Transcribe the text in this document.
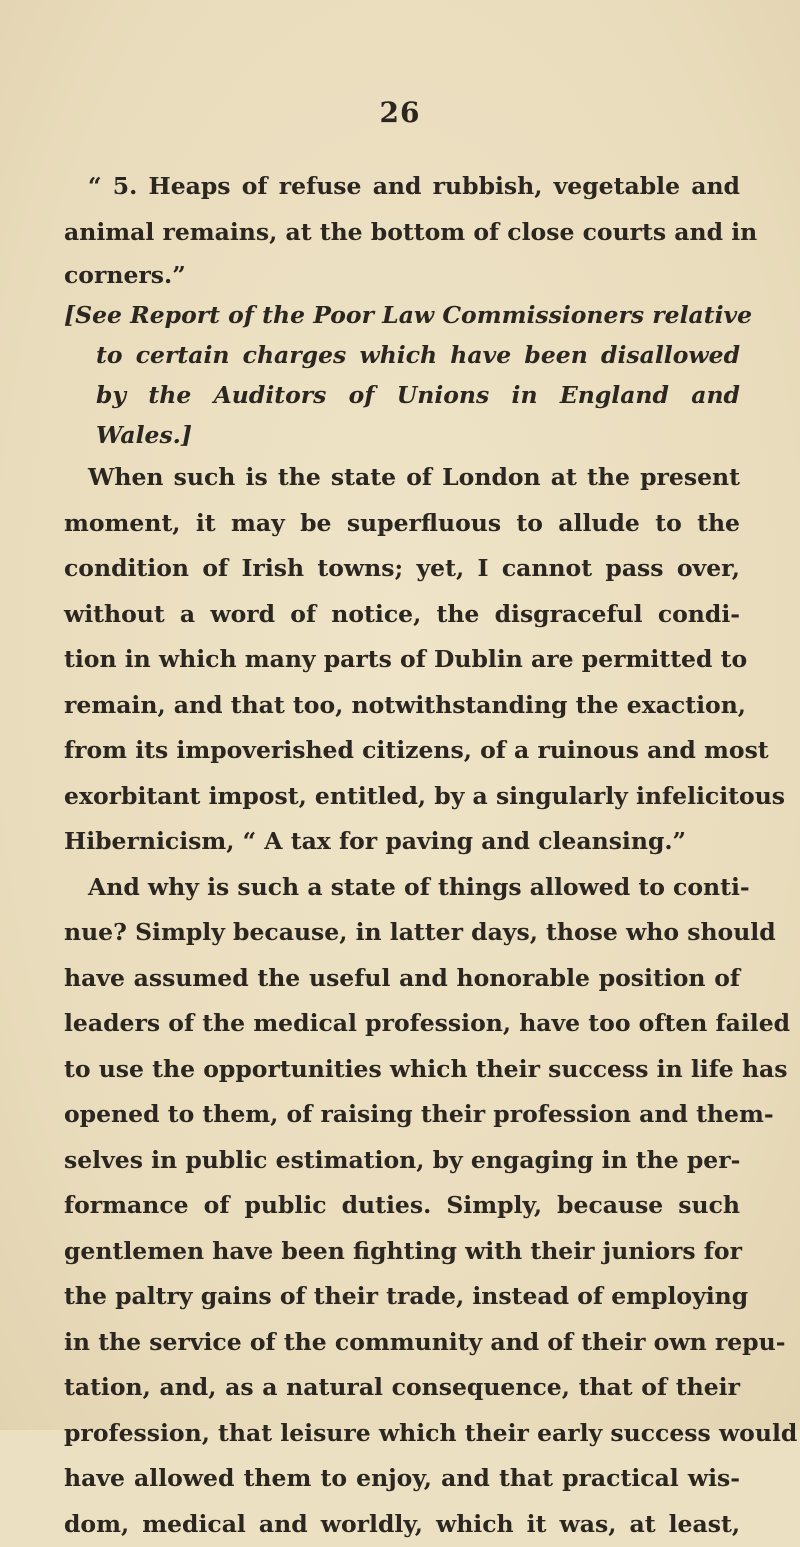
26
“ 5. Heaps of refuse and rubbish, vegetable and
animal remains, at the bottom of close courts and in
corners.”
[See Report of the Poor Law Commissioners relative
to certain charges which have been disallowed
by the Auditors of Unions in England and
Wales.]
When such is the state of London at the present
moment, it may be superfluous to allude to the
condition of Irish towns; yet, I cannot pass over,
without a word of notice, the disgraceful condi-
tion in which many parts of Dublin are permitted to
remain, and that too, notwithstanding the exaction,
from its impoverished citizens, of a ruinous and most
exorbitant impost, entitled, by a singularly infelicitous
Hibernicism, “ A tax for paving and cleansing.”
And why is such a state of things allowed to conti-
nue? Simply because, in latter days, those who should
have assumed the useful and honorable position of
leaders of the medical profession, have too often failed
to use the opportunities which their success in life has
opened to them, of raising their profession and them-
selves in public estimation, by engaging in the per-
formance of public duties. Simply, because such
gentlemen have been fighting with their juniors for
the paltry gains of their trade, instead of employing
in the service of the community and of their own repu-
tation, and, as a natural consequence, that of their
profession, that leisure which their early success would
have allowed them to enjoy, and that practical wis-
dom, medical and worldly, which it was, at least,
